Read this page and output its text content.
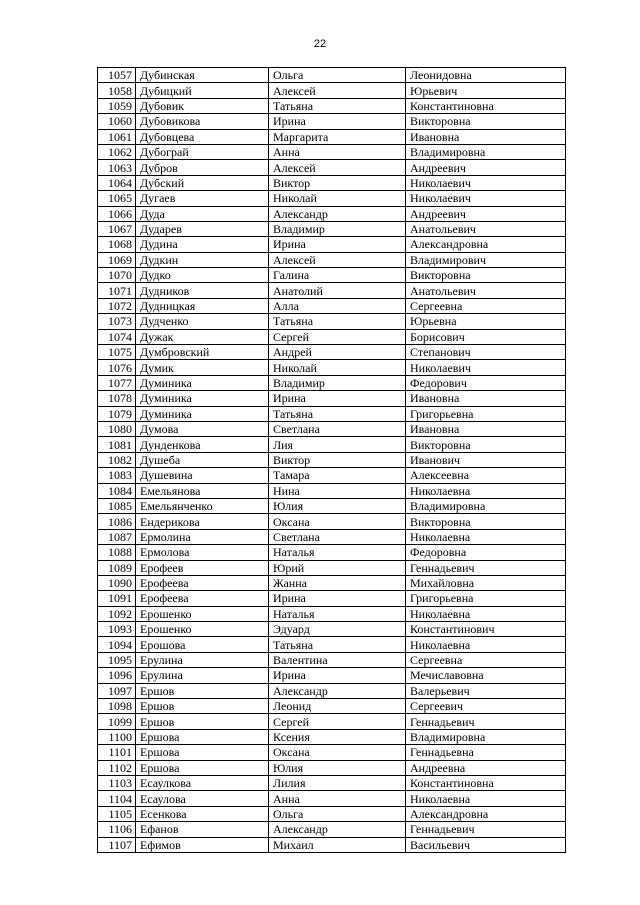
22
1057	Дубинская	Ольга	Леонидовна
1058	Дубицкий	Алексей	Юрьевич
1059	Дубовик	Татьяна	Константиновна
1060	Дубовикова	Ирина	Викторовна
1061	Дубовцева	Маргарита	Ивановна
1062	Дубограй	Анна	Владимировна
1063	Дубров	Алексей	Андреевич
1064	Дубский	Виктор	Николаевич
1065	Дугаев	Николай	Николаевич
1066	Дуда	Александр	Андреевич
1067	Дударев	Владимир	Анатольевич
1068	Дудина	Ирина	Александровна
1069	Дудкин	Алексей	Владимирович
1070	Дудко	Галина	Викторовна
1071	Дудников	Анатолий	Анатольевич
1072	Дудницкая	Алла	Сергеевна
1073	Дудченко	Татьяна	Юрьевна
1074	Дужак	Сергей	Борисович
1075	Думбровский	Андрей	Степанович
1076	Думик	Николай	Николаевич
1077	Думиника	Владимир	Федорович
1078	Думиника	Ирина	Ивановна
1079	Думиника	Татьяна	Григорьевна
1080	Думова	Светлана	Ивановна
1081	Дунденкова	Лия	Викторовна
1082	Душеба	Виктор	Иванович
1083	Душевина	Тамара	Алексеевна
1084	Емельянова	Нина	Николаевна
1085	Емельянченко	Юлия	Владимировна
1086	Ендерикова	Оксана	Викторовна
1087	Ермолина	Светлана	Николаевна
1088	Ермолова	Наталья	Федоровна
1089	Ерофеев	Юрий	Геннадьевич
1090	Ерофеева	Жанна	Михайловна
1091	Ерофеева	Ирина	Григорьевна
1092	Ерошенко	Наталья	Николаевна
1093	Ерошенко	Эдуард	Константинович
1094	Ерошова	Татьяна	Николаевна
1095	Ерулина	Валентина	Сергеевна
1096	Ерулина	Ирина	Мечиславовна
1097	Ершов	Александр	Валерьевич
1098	Ершов	Леонид	Сергеевич
1099	Ершов	Сергей	Геннадьевич
1100	Ершова	Ксения	Владимировна
1101	Ершова	Оксана	Геннадьевна
1102	Ершова	Юлия	Андреевна
1103	Есаулкова	Лилия	Константиновна
1104	Есаулова	Анна	Николаевна
1105	Есенкова	Ольга	Александровна
1106	Ефанов	Александр	Геннадьевич
1107	Ефимов	Михаил	Васильевич
